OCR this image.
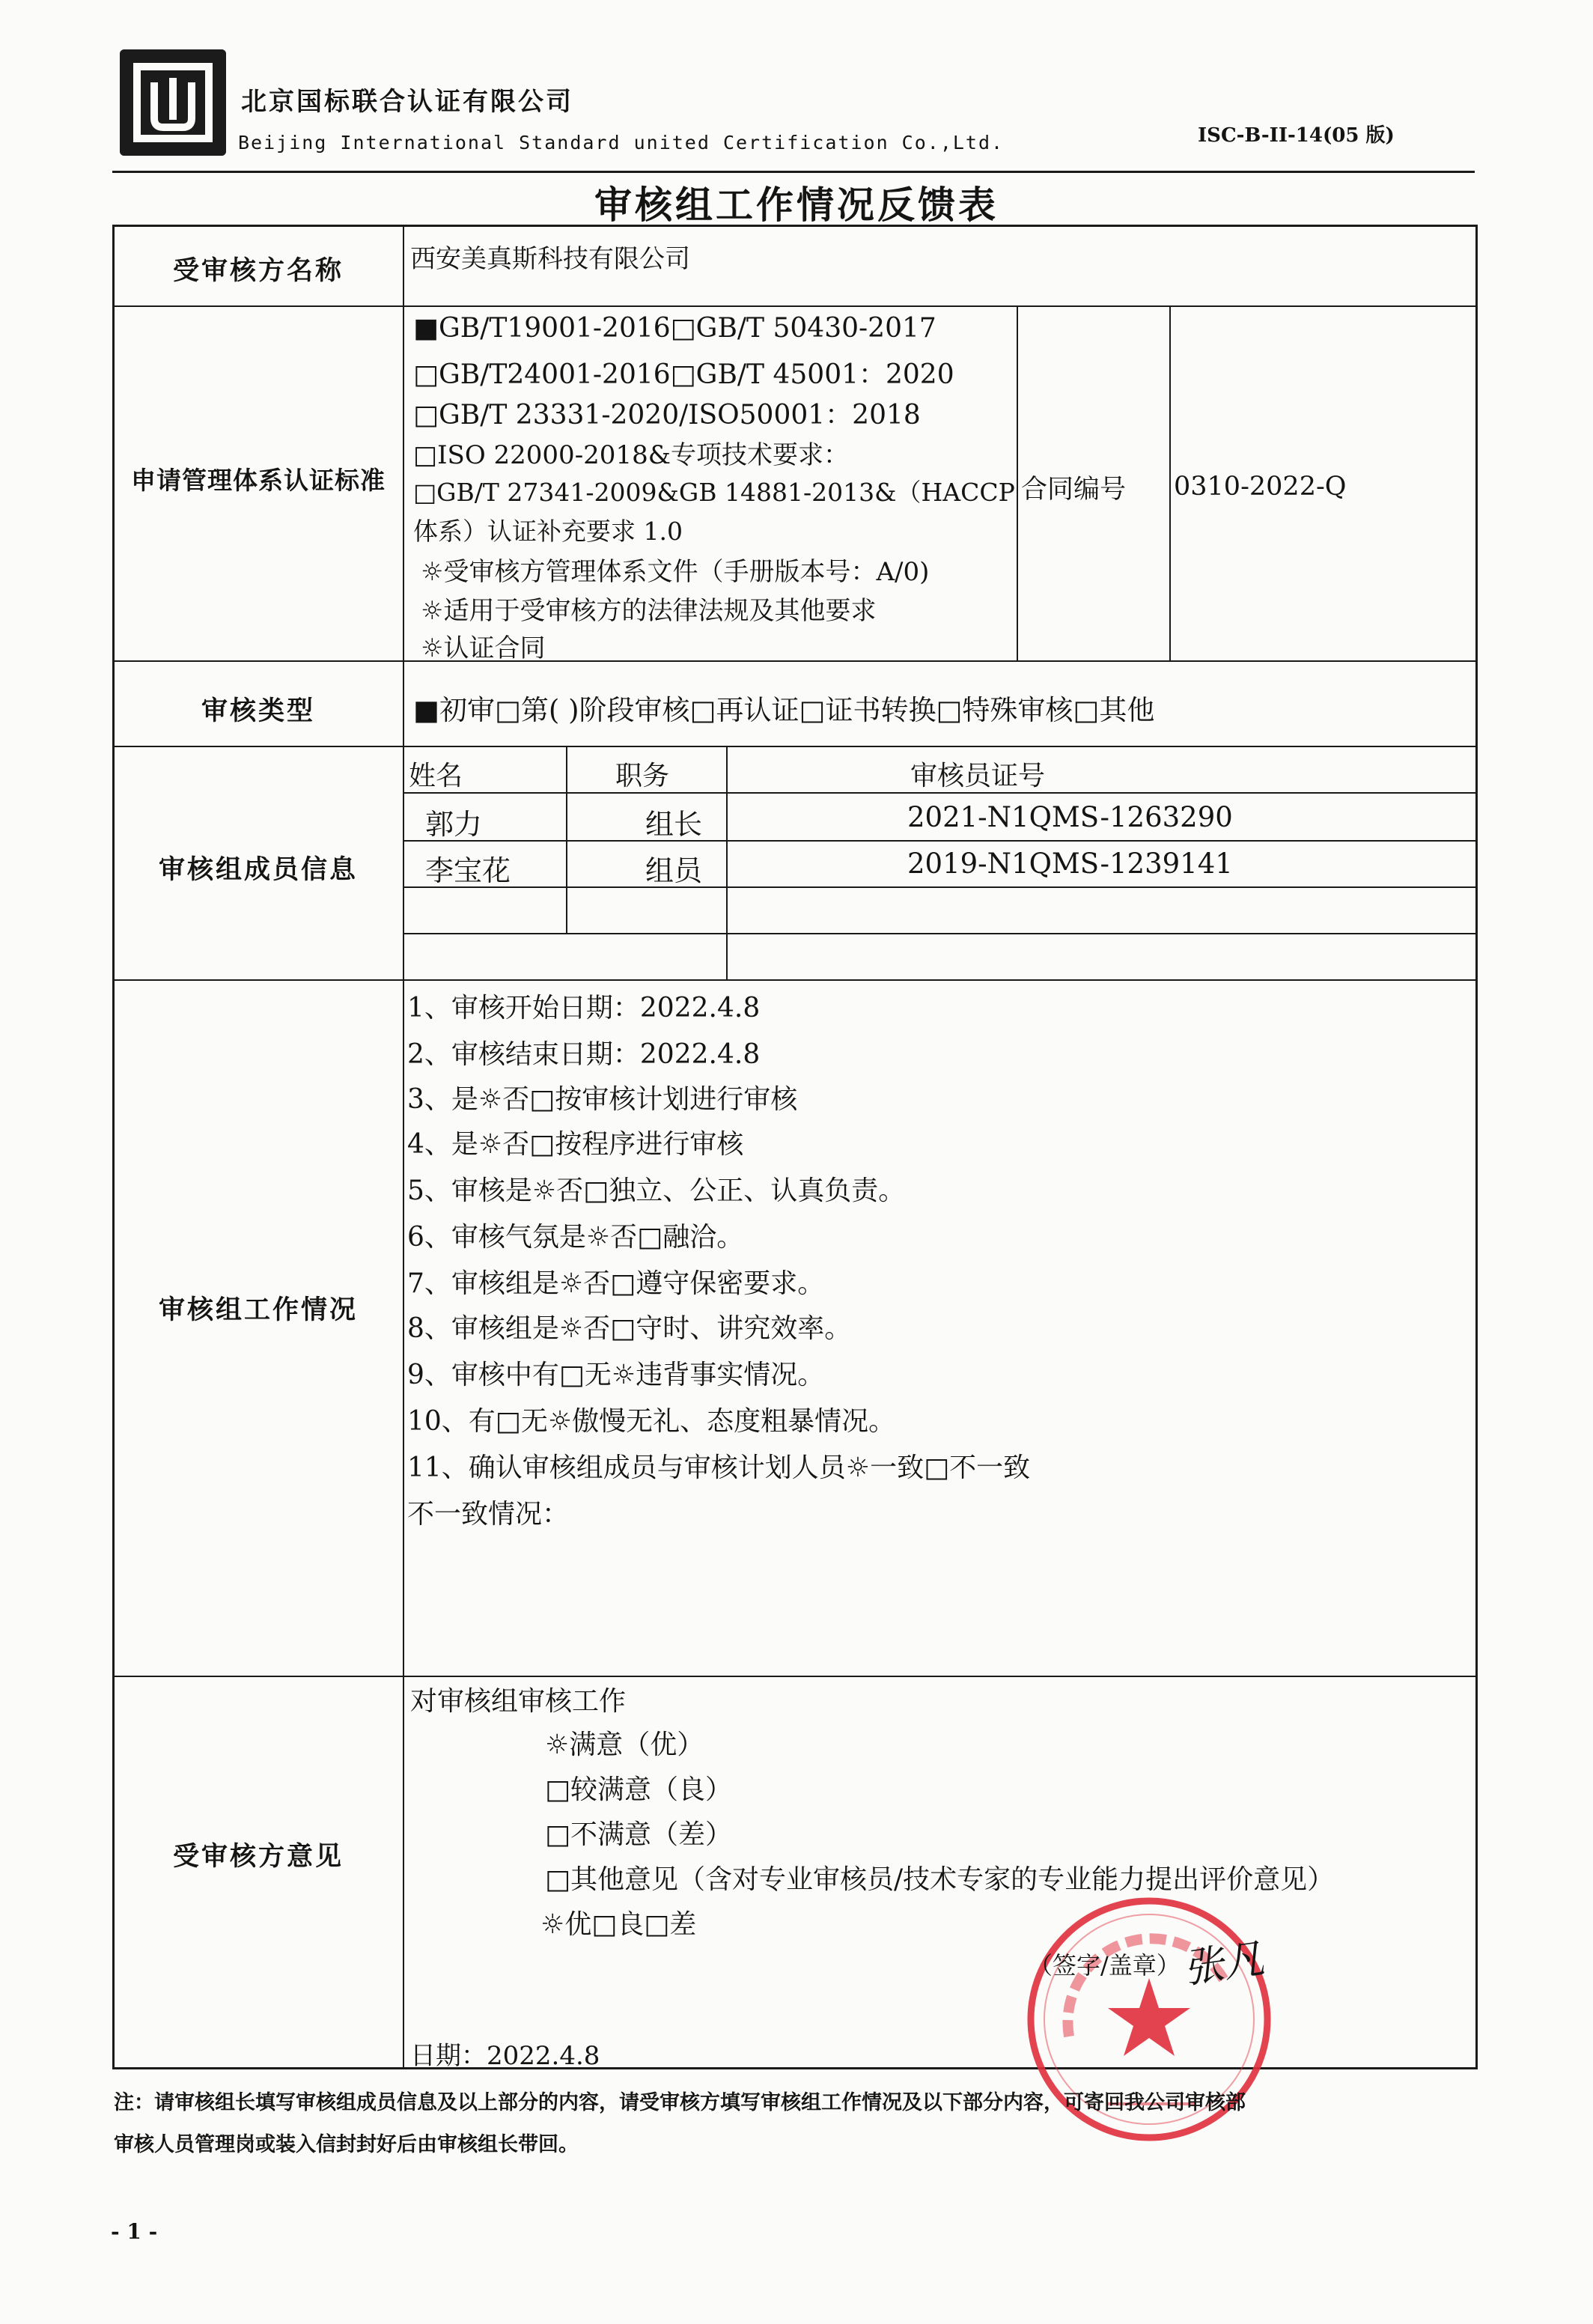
北京国标联合认证有限公司
Beijing International Standard united Certification Co.,Ltd.	ISC-B-II-14(05 版)
审核组工作情况反馈表
受审核方名称	西安美真斯科技有限公司
申请管理体系认证标准
■GB/T19001-2016□GB/T 50430-2017
□GB/T24001-2016□GB/T 45001：2020
□GB/T 23331-2020/ISO50001：2018
□ISO 22000-2018&专项技术要求：
□GB/T 27341-2009&GB 14881-2013&（HACCP
体系）认证补充要求 1.0
☼受审核方管理体系文件（手册版本号：A/0)
☼适用于受审核方的法律法规及其他要求
☼认证合同
合同编号 0310-2022-Q
审核类型	■初审□第( )阶段审核□再认证□证书转换□特殊审核□其他
审核组成员信息
姓名	职务	审核员证号
郭力	组长	2021-N1QMS-1263290
李宝花	组员	2019-N1QMS-1239141
审核组工作情况
1、审核开始日期：2022.4.8
2、审核结束日期：2022.4.8
3、是☼否□按审核计划进行审核
4、是☼否□按程序进行审核
5、审核是☼否□独立、公正、认真负责。
6、审核气氛是☼否□融洽。
7、审核组是☼否□遵守保密要求。
8、审核组是☼否□守时、讲究效率。
9、审核中有□无☼违背事实情况。
10、有□无☼傲慢无礼、态度粗暴情况。
11、确认审核组成员与审核计划人员☼一致□不一致
不一致情况：
受审核方意见
对审核组审核工作
☼满意（优）
□较满意（良）
□不满意（差）
□其他意见（含对专业审核员/技术专家的专业能力提出评价意见）
☼优□良□差
（签字/盖章） 张凡
日期：2022.4.8
注：请审核组长填写审核组成员信息及以上部分的内容，请受审核方填写审核组工作情况及以下部分内容，可寄回我公司审核部
审核人员管理岗或装入信封封好后由审核组长带回。
- 1 -
